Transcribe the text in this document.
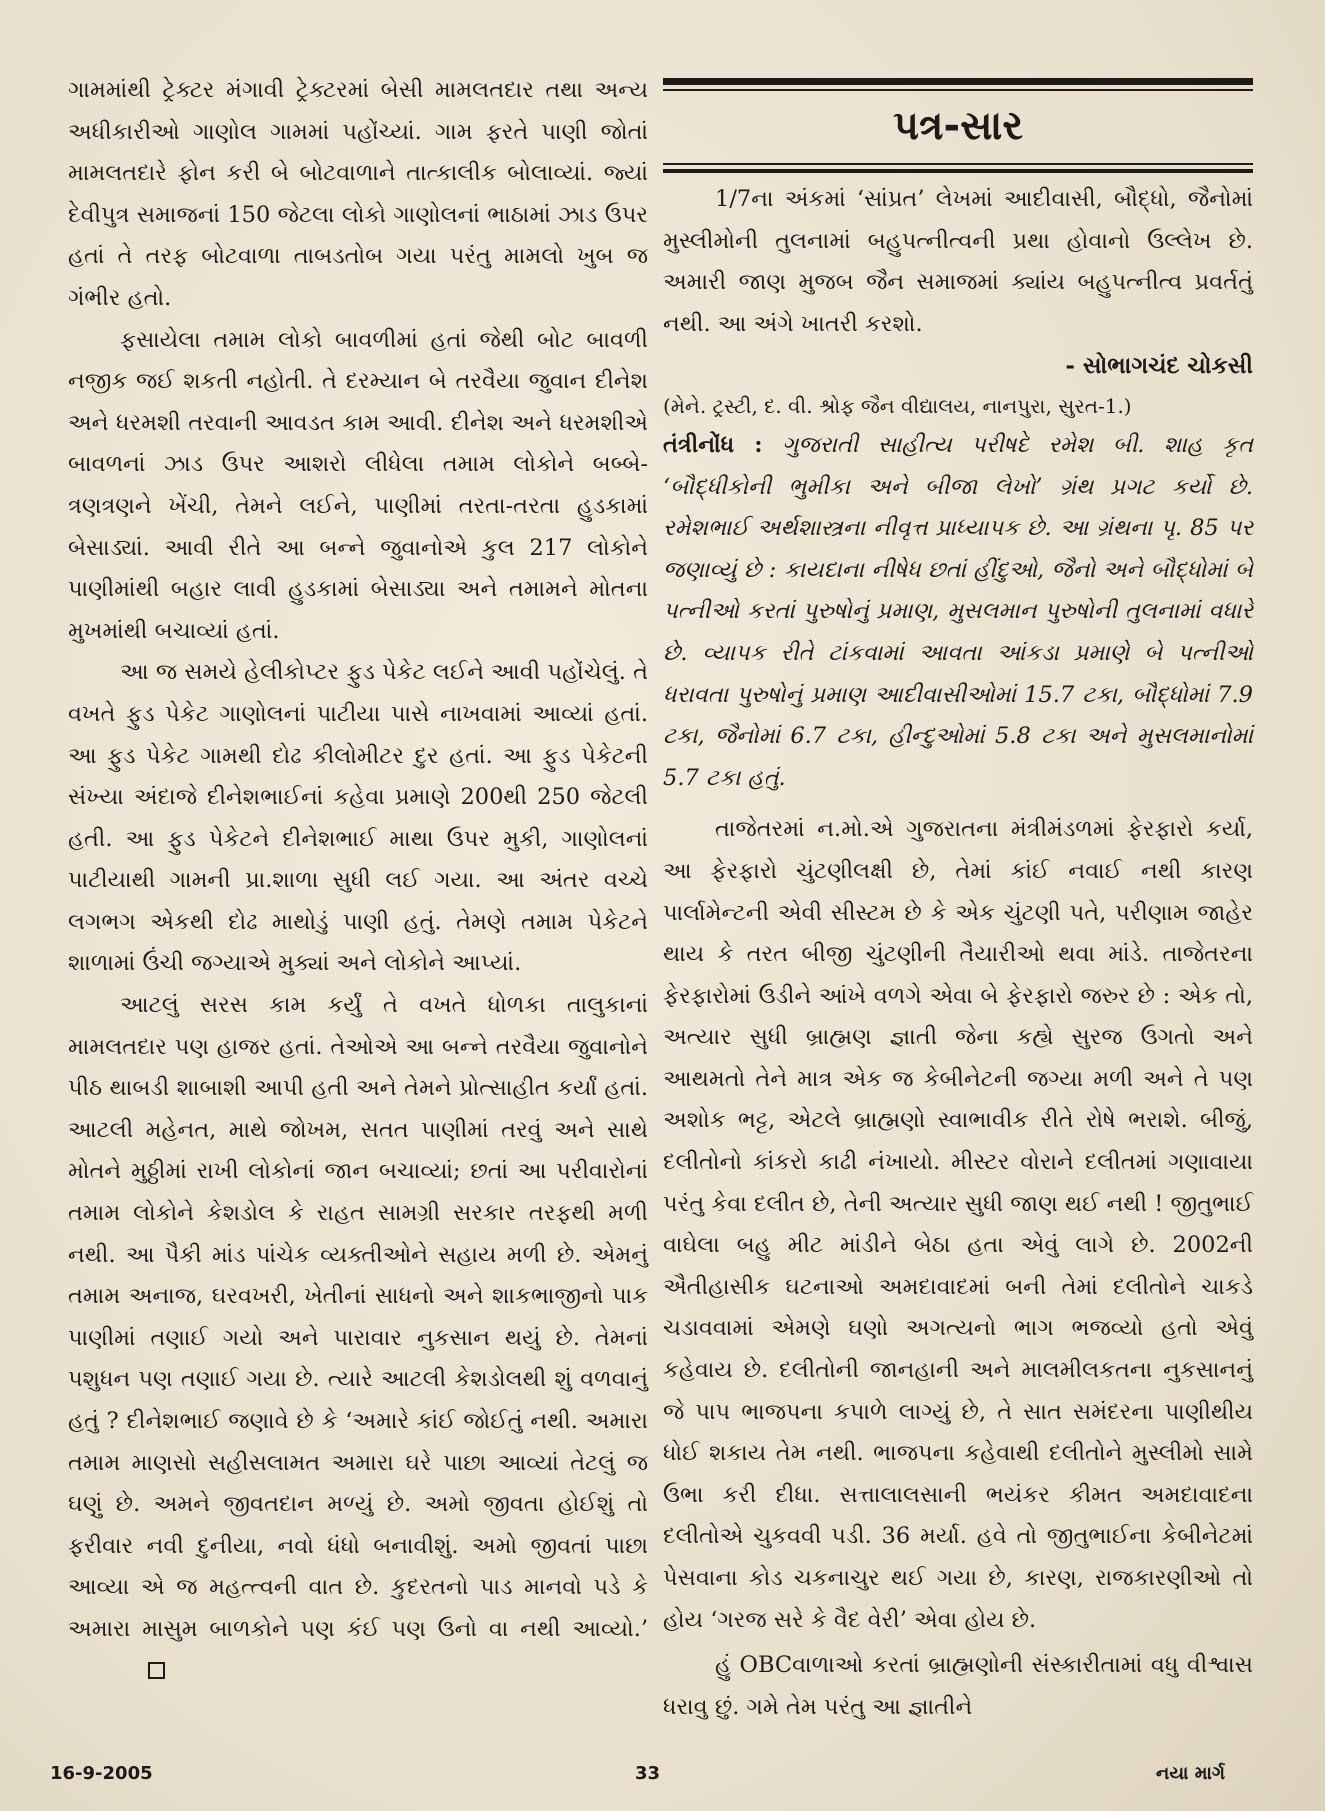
ગામમાંથી ટ્રેક્ટર મંગાવી ટ્રેક્ટરમાં બેસી મામલતદાર તથા અન્ય અધીકારીઓ ગાણોલ ગામમાં પહોંચ્યાં. ગામ ફરતે પાણી જોતાં મામલતદારે ફોન કરી બે બોટવાળાને તાત્કાલીક બોલાવ્યાં. જ્યાં દેવીપુત્ર સમાજનાં 150 જેટલા લોકો ગાણોલનાં ભાઠામાં ઝાડ ઉપર હતાં તે તરફ બોટવાળા તાબડતોબ ગયા પરંતુ મામલો ખુબ જ ગંભીર હતો.

ફસાયેલા તમામ લોકો બાવળીમાં હતાં જેથી બોટ બાવળી નજીક જઈ શકતી નહોતી. તે દરમ્યાન બે તરવૈયા જુવાન દીનેશ અને ધરમશી તરવાની આવડત કામ આવી. દીનેશ અને ધરમશીએ બાવળનાં ઝાડ ઉપર આશરો લીધેલા તમામ લોકોને બબ્બે-ત્રણત્રણને ખેંચી, તેમને લઈને, પાણીમાં તરતા-તરતા હુડકામાં બેસાડ્યાં. આવી રીતે આ બન્ને જુવાનોએ કુલ 217 લોકોને પાણીમાંથી બહાર લાવી હુડકામાં બેસાડ્યા અને તમામને મોતના મુખમાંથી બચાવ્યાં હતાં.

આ જ સમયે હેલીકોપ્ટર ફુડ પેકેટ લઈને આવી પહોંચેલું. તે વખતે ફુડ પેકેટ ગાણોલનાં પાટીયા પાસે નાખવામાં આવ્યાં હતાં. આ ફુડ પેકેટ ગામથી દોઢ કીલોમીટર દુર હતાં. આ ફુડ પેકેટની સંખ્યા અંદાજે દીનેશભાઈનાં કહેવા પ્રમાણે 200થી 250 જેટલી હતી. આ ફુડ પેકેટને દીનેશભાઈ માથા ઉપર મુકી, ગાણોલનાં પાટીયાથી ગામની પ્રા.શાળા સુધી લઈ ગયા. આ અંતર વચ્ચે લગભગ એકથી દોઢ માથોડું પાણી હતું. તેમણે તમામ પેકેટને શાળામાં ઉંચી જગ્યાએ મુક્યાં અને લોકોને આપ્યાં.

આટલું સરસ કામ કર્યું તે વખતે ધોળકા તાલુકાનાં મામલતદાર પણ હાજર હતાં. તેઓએ આ બન્ને તરવૈયા જુવાનોને પીઠ થાબડી શાબાશી આપી હતી અને તેમને પ્રોત્સાહીત કર્યાં હતાં. આટલી મહેનત, માથે જોખમ, સતત પાણીમાં તરવું અને સાથે મોતને મુઠ્ઠીમાં રાખી લોકોનાં જાન બચાવ્યાં; છતાં આ પરીવારોનાં તમામ લોકોને કેશડોલ કે રાહત સામગ્રી સરકાર તરફથી મળી નથી. આ પૈકી માંડ પાંચેક વ્યક્તીઓને સહાય મળી છે. એમનું તમામ અનાજ, ઘરવખરી, ખેતીનાં સાધનો અને શાકભાજીનો પાક પાણીમાં તણાઈ ગયો અને પારાવાર નુકસાન થયું છે. તેમનાં પશુધન પણ તણાઈ ગયા છે. ત્યારે આટલી કેશડોલથી શું વળવાનું હતું ? દીનેશભાઈ જણાવે છે કે ‘અમારે કાંઈ જોઈતું નથી. અમારા તમામ માણસો સહીસલામત અમારા ઘરે પાછા આવ્યાં તેટલું જ ઘણું છે. અમને જીવતદાન મળ્યું છે. અમો જીવતા હોઈશું તો ફરીવાર નવી દુનીયા, નવો ધંધો બનાવીશું. અમો જીવતાં પાછા આવ્યા એ જ મહત્ત્વની વાત છે. કુદરતનો પાડ માનવો પડે કે અમારા માસુમ બાળકોને પણ કંઈ પણ ઉનો વા નથી આવ્યો.’

પત્ર-સાર

1/7ના અંકમાં ‘સાંપ્રત’ લેખમાં આદીવાસી, બૌદ્ધો, જૈનોમાં મુસ્લીમોની તુલનામાં બહુપત્નીત્વની પ્રથા હોવાનો ઉલ્લેખ છે. અમારી જાણ મુજબ જૈન સમાજમાં ક્યાંય બહુપત્નીત્વ પ્રવર્તતું નથી. આ અંગે ખાતરી કરશો.

- સોભાગચંદ ચોકસી

(મેને. ટ્રસ્ટી, દ. વી. શ્રોફ જૈન વીદ્યાલય, નાનપુરા, સુરત-1.)

તંત્રીનોંધ : ગુજરાતી સાહીત્ય પરીષદે રમેશ બી. શાહ કૃત ‘બૌદ્ધીકોની ભુમીકા અને બીજા લેખો’ ગ્રંથ પ્રગટ કર્યો છે. રમેશભાઈ અર્થશાસ્ત્રના નીવૃત્ત પ્રાધ્યાપક છે. આ ગ્રંથના પૃ. 85 પર જણાવ્યું છે : કાયદાના નીષેધ છતાં હીંદુઓ, જૈનો અને બૌદ્ધોમાં બે પત્નીઓ કરતાં પુરુષોનું પ્રમાણ, મુસલમાન પુરુષોની તુલનામાં વધારે છે. વ્યાપક રીતે ટાંકવામાં આવતા આંકડા પ્રમાણે બે પત્નીઓ ધરાવતા પુરુષોનું પ્રમાણ આદીવાસીઓમાં 15.7 ટકા, બૌદ્ધોમાં 7.9 ટકા, જૈનોમાં 6.7 ટકા, હીન્દુઓમાં 5.8 ટકા અને મુસલમાનોમાં 5.7 ટકા હતું.

તાજેતરમાં ન.મો.એ ગુજરાતના મંત્રીમંડળમાં ફેરફારો કર્યા, આ ફેરફારો ચુંટણીલક્ષી છે, તેમાં કાંઈ નવાઈ નથી કારણ પાર્લામેન્ટની એવી સીસ્ટમ છે કે એક ચુંટણી પતે, પરીણામ જાહેર થાય કે તરત બીજી ચુંટણીની તૈયારીઓ થવા માંડે. તાજેતરના ફેરફારોમાં ઉડીને આંખે વળગે એવા બે ફેરફારો જરુર છે : એક તો, અત્યાર સુધી બ્રાહ્મણ જ્ઞાતી જેના કહ્યે સુરજ ઉગતો અને આથમતો તેને માત્ર એક જ કેબીનેટની જગ્યા મળી અને તે પણ અશોક ભટ્ટ, એટલે બ્રાહ્મણો સ્વાભાવીક રીતે રોષે ભરાશે. બીજું, દલીતોનો કાંકરો કાઢી નંખાયો. મીસ્ટર વોરાને દલીતમાં ગણાવાયા પરંતુ કેવા દલીત છે, તેની અત્યાર સુધી જાણ થઈ નથી ! જીતુભાઈ વાઘેલા બહુ મીટ માંડીને બેઠા હતા એવું લાગે છે. 2002ની ઐતીહાસીક ઘટનાઓ અમદાવાદમાં બની તેમાં દલીતોને ચાકડે ચડાવવામાં એમણે ઘણો અગત્યનો ભાગ ભજવ્યો હતો એવું કહેવાય છે. દલીતોની જાનહાની અને માલમીલકતના નુકસાનનું જે પાપ ભાજપના કપાળે લાગ્યું છે, તે સાત સમંદરના પાણીથીય ધોઈ શકાય તેમ નથી. ભાજપના કહેવાથી દલીતોને મુસ્લીમો સામે ઉભા કરી દીધા. સત્તાલાલસાની ભયંકર કીમત અમદાવાદના દલીતોએ ચુકવવી પડી. 36 મર્યા. હવે તો જીતુભાઈના કેબીનેટમાં પેસવાના કોડ ચકનાચુર થઈ ગયા છે, કારણ, રાજકારણીઓ તો હોય ‘ગરજ સરે કે વૈદ વેરી’ એવા હોય છે.

હું OBCવાળાઓ કરતાં બ્રાહ્મણોની સંસ્કારીતામાં વધુ વીશ્વાસ ધરાવુ છું. ગમે તેમ પરંતુ આ જ્ઞાતીને

16-9-2005	33	નયા માર્ગ
